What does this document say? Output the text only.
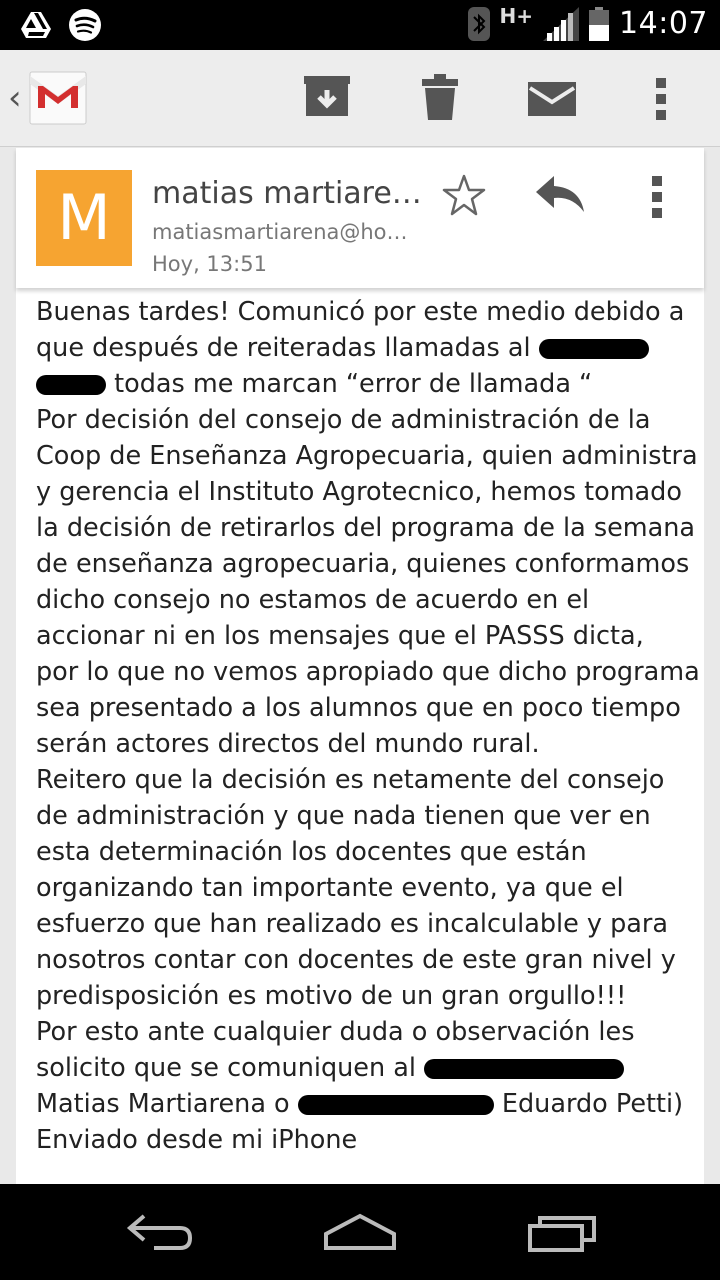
H+	14:07
‹
M	matias martiare…
matiasmartiarena@ho…
Hoy, 13:51

Buenas tardes! Comunicó por este medio debido a

que después de reiteradas llamadas al

todas me marcan “error de llamada “

Por decisión del consejo de administración de la

Coop de Enseñanza Agropecuaria, quien administra

y gerencia el Instituto Agrotecnico, hemos tomado

la decisión de retirarlos del programa de la semana

de enseñanza agropecuaria, quienes conformamos

dicho consejo no estamos de acuerdo en el

accionar ni en los mensajes que el PASSS dicta,

por lo que no vemos apropiado que dicho programa

sea presentado a los alumnos que en poco tiempo

serán actores directos del mundo rural.

Reitero que la decisión es netamente del consejo

de administración y que nada tienen que ver en

esta determinación los docentes que están

organizando tan importante evento, ya que el

esfuerzo que han realizado es incalculable y para

nosotros contar con docentes de este gran nivel y

predisposición es motivo de un gran orgullo!!!

Por esto ante cualquier duda o observación les

solicito que se comuniquen al

Matias Martiarena o	Eduardo Petti)

Enviado desde mi iPhone
